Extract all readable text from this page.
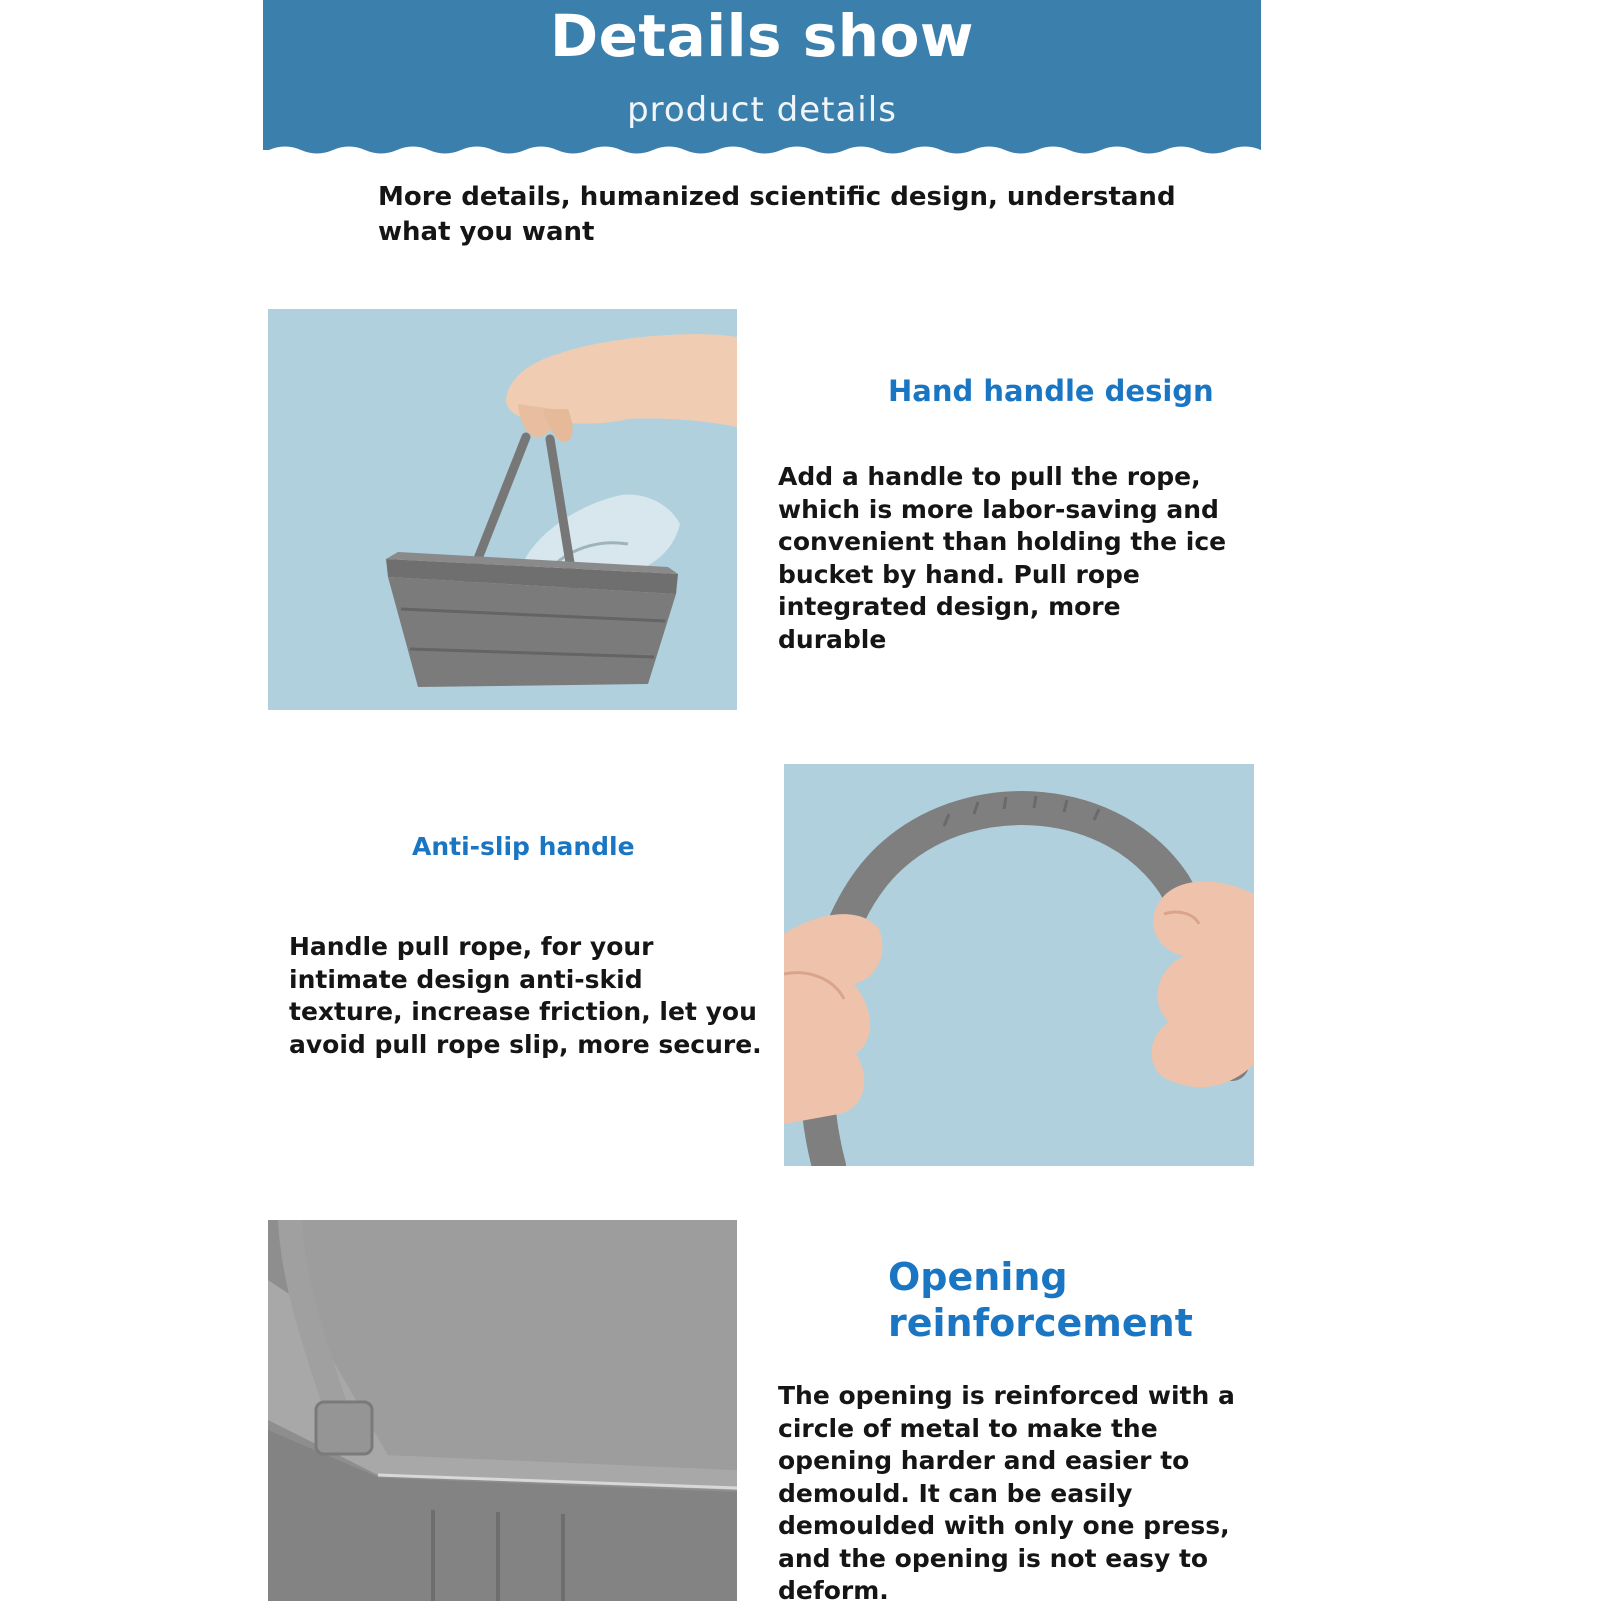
Details show
product details
More details, humanized scientific design, understand what you want
Hand handle design
Add a handle to pull the rope, which is more labor-saving and convenient than holding the ice bucket by hand. Pull rope integrated design, more durable
Anti-slip handle
Handle pull rope, for your intimate design anti-skid texture, increase friction, let you avoid pull rope slip, more secure.
Opening reinforcement
The opening is reinforced with a circle of metal to make the opening harder and easier to demould. It can be easily demoulded with only one press, and the opening is not easy to deform.
